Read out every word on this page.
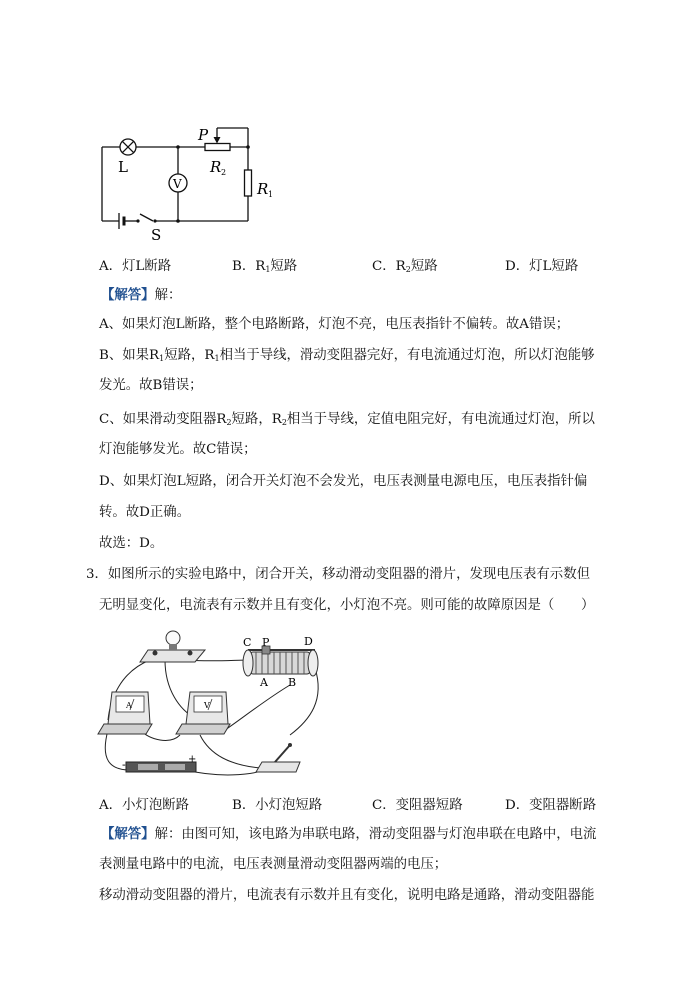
L
V
S
P
R 2
R 1
A．灯L断路	B．$R_1$短路	C．$R_2$短路	D．灯L短路
【解答】解：
A、如果灯泡L断路，整个电路断路，灯泡不亮，电压表指针不偏转。故A错误；
B、如果$R_1$短路，$R_1$相当于导线，滑动变阻器完好，有电流通过灯泡，所以灯泡能够
发光。故B错误；
C、如果滑动变阻器$R_2$短路，$R_2$相当于导线，定值电阻完好，有电流通过灯泡，所以
灯泡能够发光。故C错误；
D、如果灯泡L短路，闭合开关灯泡不会发光，电压表测量电源电压，电压表指针偏
转。故D正确。
故选：D。
3．如图所示的实验电路中，闭合开关，移动滑动变阻器的滑片，发现电压表有示数但
无明显变化，电流表有示数并且有变化，小灯泡不亮。则可能的故障原因是（　　）
C P	D
A B
A	V
-	+
A．小灯泡断路	B．小灯泡短路	C．变阻器短路	D．变阻器断路
【解答】解：由图可知，该电路为串联电路，滑动变阻器与灯泡串联在电路中，电流
表测量电路中的电流，电压表测量滑动变阻器两端的电压；
移动滑动变阻器的滑片，电流表有示数并且有变化，说明电路是通路，滑动变阻器能
